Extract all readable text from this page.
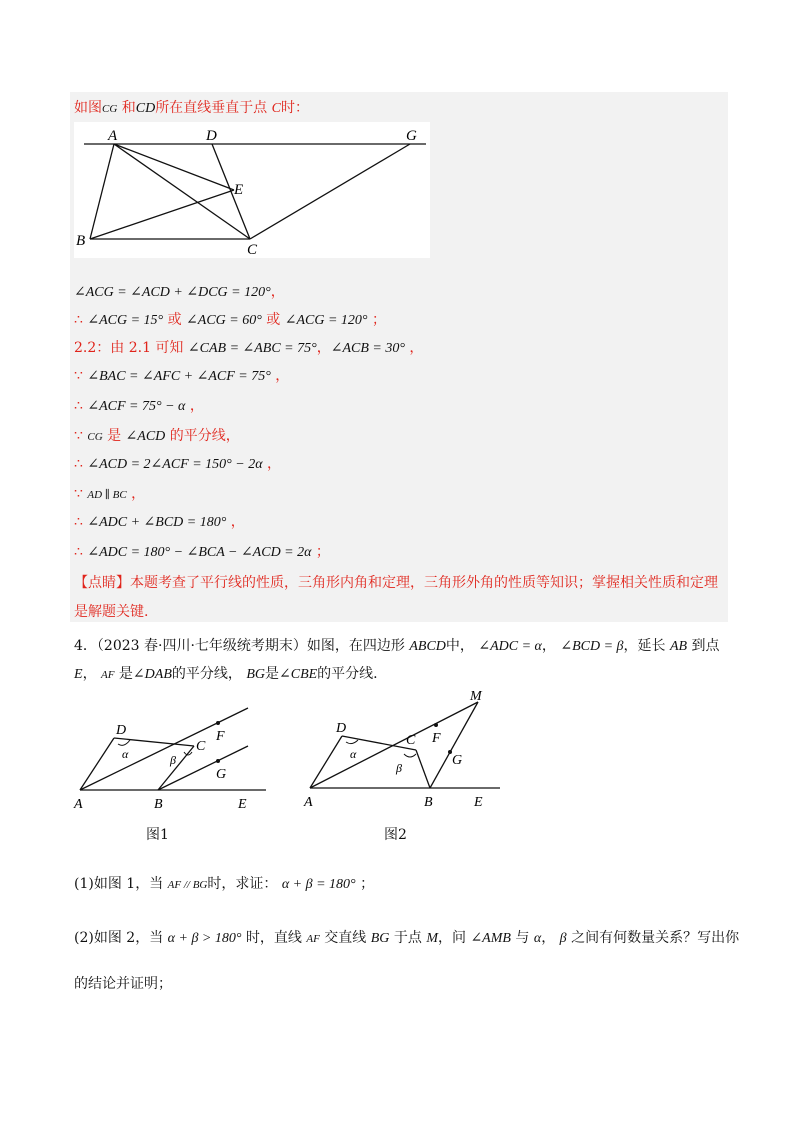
如图CG 和CD所在直线垂直于点 C时：
A	D	G
E
B
C
∠ACG = ∠ACD + ∠DCG = 120°，
∴ ∠ACG = 15° 或 ∠ACG = 60° 或 ∠ACG = 120° ；
2.2：由 2.1 可知 ∠CAB = ∠ABC = 75°，∠ACB = 30° ，
∵ ∠BAC = ∠AFC + ∠ACF = 75° ，
∴ ∠ACF = 75° − α ，
∵ CG 是 ∠ACD 的平分线，
∴ ∠ACD = 2∠ACF = 150° − 2α ，
∵ AD ∥ BC ，
∴ ∠ADC + ∠BCD = 180° ，
∴ ∠ADC = 180° − ∠BCA − ∠ACD = 2α ；
【点睛】本题考查了平行线的性质，三角形内角和定理，三角形外角的性质等知识；掌握相关性质和定理
是解题关键.
4．（2023 春·四川·七年级统考期末）如图，在四边形 ABCD中， ∠ADC = α， ∠BCD = β，延长 AB 到点
E， AF 是∠DAB的平分线， BG是∠CBE的平分线.
A	B	E
D
C
F
G
α	β
A	B	E
D
C F
G
M
α
β
图1	图2
(1)如图 1，当 AF // BG时，求证： α + β = 180° ；
(2)如图 2，当 α + β > 180° 时，直线 AF 交直线 BG 于点 M，问 ∠AMB 与 α， β 之间有何数量关系？写出你
的结论并证明；
